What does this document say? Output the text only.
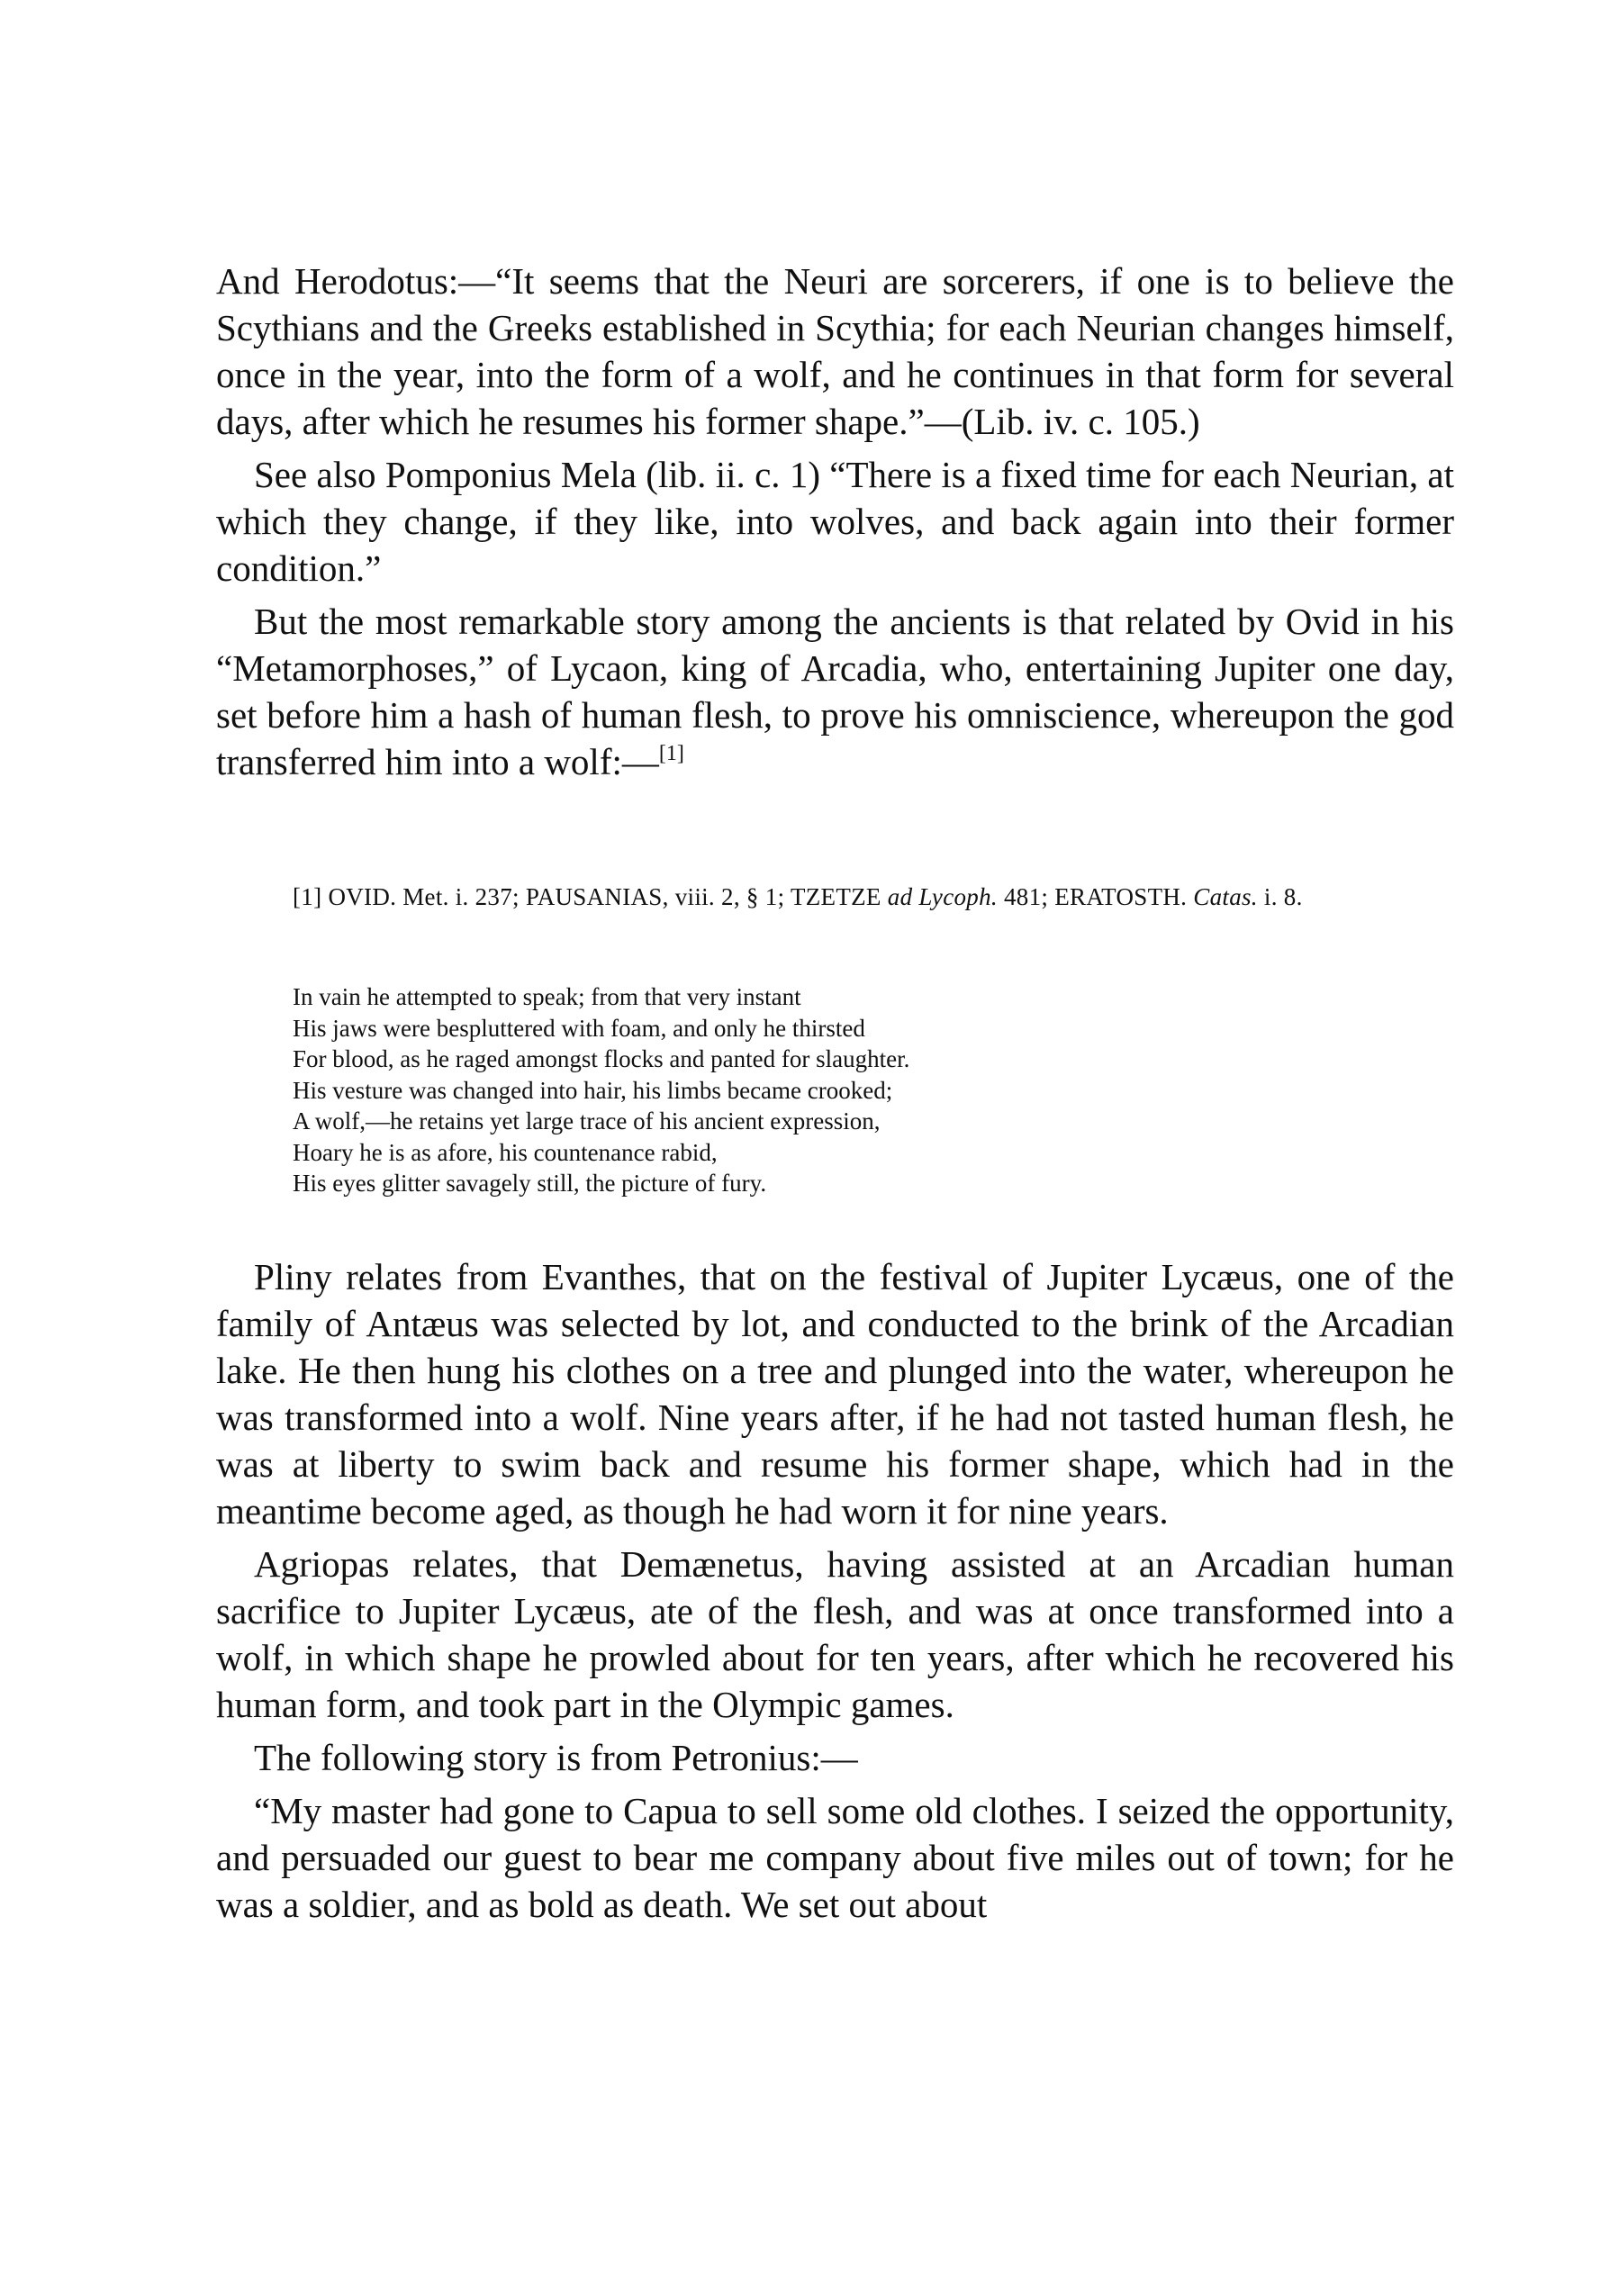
And Herodotus:—“It seems that the Neuri are sorcerers, if one is to believe the Scythians and the Greeks established in Scythia; for each Neurian changes himself, once in the year, into the form of a wolf, and he continues in that form for several days, after which he resumes his former shape.”—(Lib. iv. c. 105.)

See also Pomponius Mela (lib. ii. c. 1) “There is a fixed time for each Neurian, at which they change, if they like, into wolves, and back again into their former condition.”

But the most remarkable story among the ancients is that related by Ovid in his “Metamorphoses,” of Lycaon, king of Arcadia, who, entertaining Jupiter one day, set before him a hash of human flesh, to prove his omniscience, whereupon the god transferred him into a wolf:—[1]

[1] OVID. Met. i. 237; PAUSANIAS, viii. 2, § 1; TZETZE ad Lycoph. 481; ERATOSTH. Catas. i. 8.
In vain he attempted to speak; from that very instant
His jaws were bespluttered with foam, and only he thirsted
For blood, as he raged amongst flocks and panted for slaughter.
His vesture was changed into hair, his limbs became crooked;
A wolf,—he retains yet large trace of his ancient expression,
Hoary he is as afore, his countenance rabid,
His eyes glitter savagely still, the picture of fury.

Pliny relates from Evanthes, that on the festival of Jupiter Lycæus, one of the family of Antæus was selected by lot, and conducted to the brink of the Arcadian lake. He then hung his clothes on a tree and plunged into the water, whereupon he was transformed into a wolf. Nine years after, if he had not tasted human flesh, he was at liberty to swim back and resume his former shape, which had in the meantime become aged, as though he had worn it for nine years.

Agriopas relates, that Demænetus, having assisted at an Arcadian human sacrifice to Jupiter Lycæus, ate of the flesh, and was at once transformed into a wolf, in which shape he prowled about for ten years, after which he recovered his human form, and took part in the Olympic games.

The following story is from Petronius:—

“My master had gone to Capua to sell some old clothes. I seized the opportunity, and persuaded our guest to bear me company about five miles out of town; for he was a soldier, and as bold as death. We set out about
